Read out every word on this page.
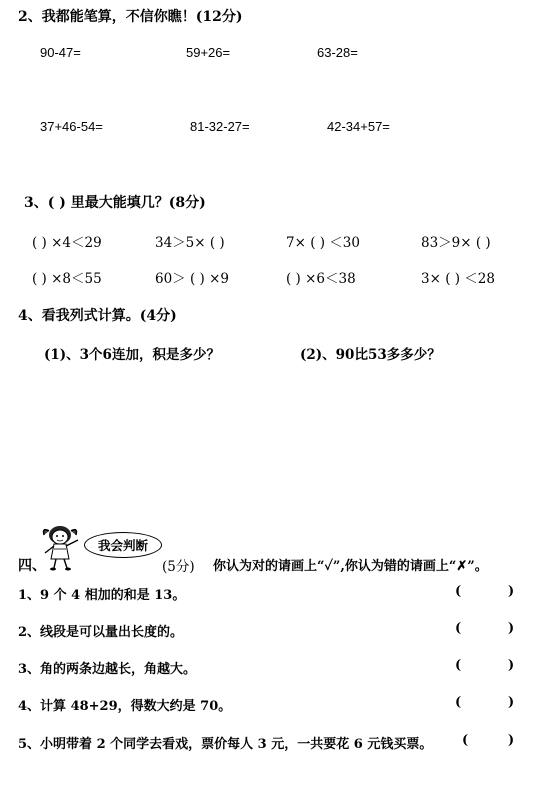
2、我都能笔算，不信你瞧！(12分)
90-47=	59+26=	63-28=
37+46-54=	81-32-27=	42-34+57=
3、( ) 里最大能填几？(8分)
( ) ×4＜29	34＞5× ( )	7× ( ) ＜30	83＞9× ( )
( ) ×8＜55	60＞ ( ) ×9	( ) ×6＜38	3× ( ) ＜28
4、看我列式计算。(4分)
(1)、3个6连加，积是多少？	(2)、90比53多多少？
四、
我会判断
(5分) 你认为对的请画上“✓”,你认为错的请画上“✗”。
1、9 个 4 相加的和是 13。	(	)
2、线段是可以量出长度的。	(	)
3、角的两条边越长，角越大。	(	)
4、计算 48+29，得数大约是 70。	(	)
5、小明带着 2 个同学去看戏，票价每人 3 元，一共要花 6 元钱买票。 (	)
